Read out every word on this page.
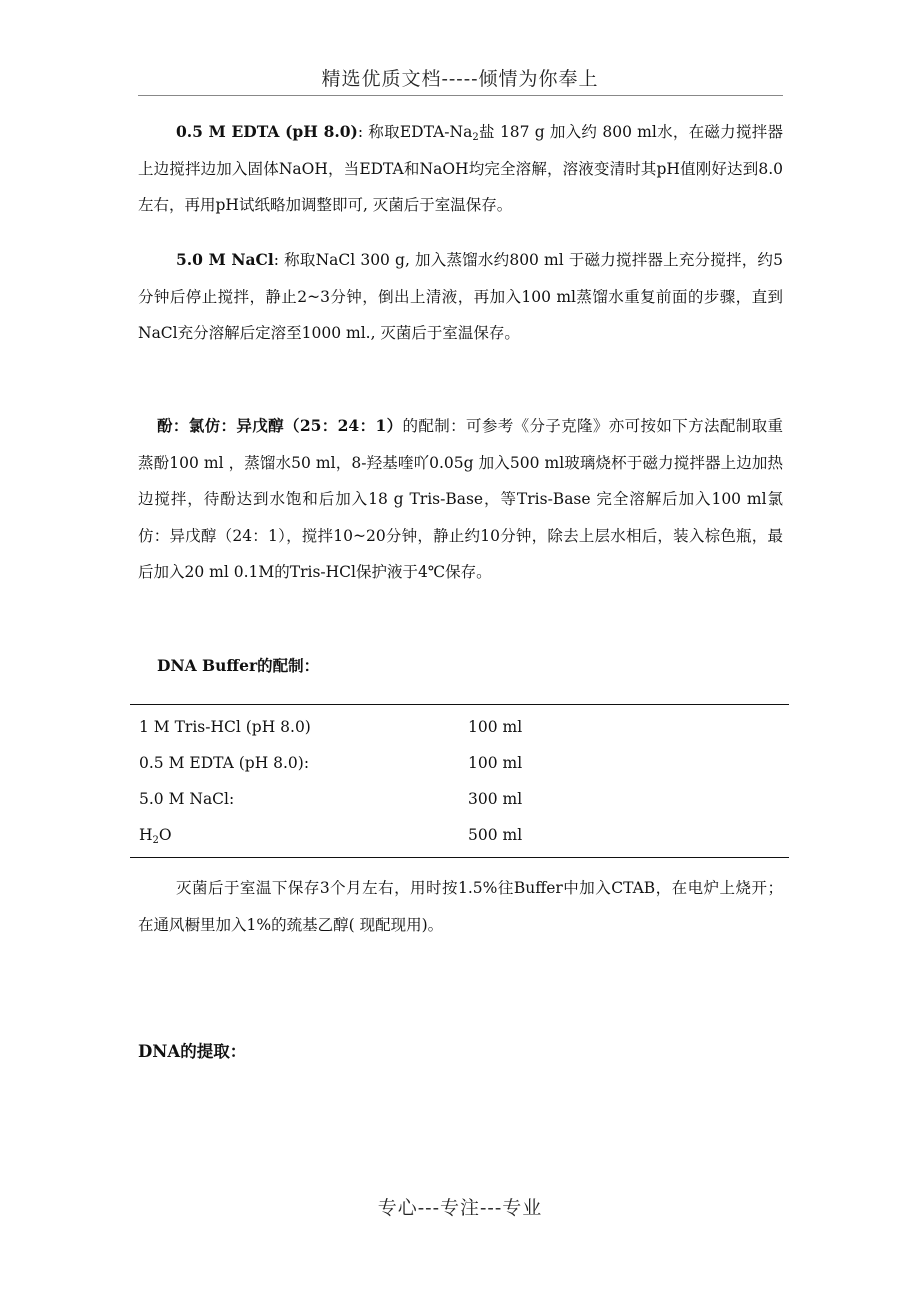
精选优质文档-----倾情为你奉上

0.5 M EDTA (pH 8.0): 称取EDTA-$Na_2$盐 187 g 加入约 800 ml水，在磁力搅拌器上边搅拌边加入固体NaOH，当EDTA和NaOH均完全溶解，溶液变清时其pH值刚好达到8.0左右，再用pH试纸略加调整即可, 灭菌后于室温保存。

5.0 M NaCl: 称取NaCl 300 g, 加入蒸馏水约800 ml 于磁力搅拌器上充分搅拌，约5分钟后停止搅拌，静止2~3分钟，倒出上清液，再加入100 ml蒸馏水重复前面的步骤，直到NaCl充分溶解后定溶至1000 ml., 灭菌后于室温保存。

酚：氯仿：异戊醇（25：24：1）的配制：可参考《分子克隆》亦可按如下方法配制取重蒸酚100 ml ，蒸馏水50 ml，8-羟基喹吖0.05g 加入500 ml玻璃烧杯于磁力搅拌器上边加热边搅拌，待酚达到水饱和后加入18 g Tris-Base，等Tris-Base 完全溶解后加入100 ml氯仿：异戊醇（24：1），搅拌10~20分钟，静止约10分钟，除去上层水相后，装入棕色瓶，最后加入20 ml 0.1M的Tris-HCl保护液于4℃保存。

DNA Buffer的配制：

1 M Tris-HCl (pH 8.0)	100 ml
0.5 M EDTA (pH 8.0):	100 ml
5.0 M NaCl:	300 ml
$H_2O$	500 ml

灭菌后于室温下保存3个月左右，用时按1.5%往Buffer中加入CTAB，在电炉上烧开；在通风橱里加入1%的巯基乙醇( 现配现用)。

DNA的提取：
专心---专注---专业
